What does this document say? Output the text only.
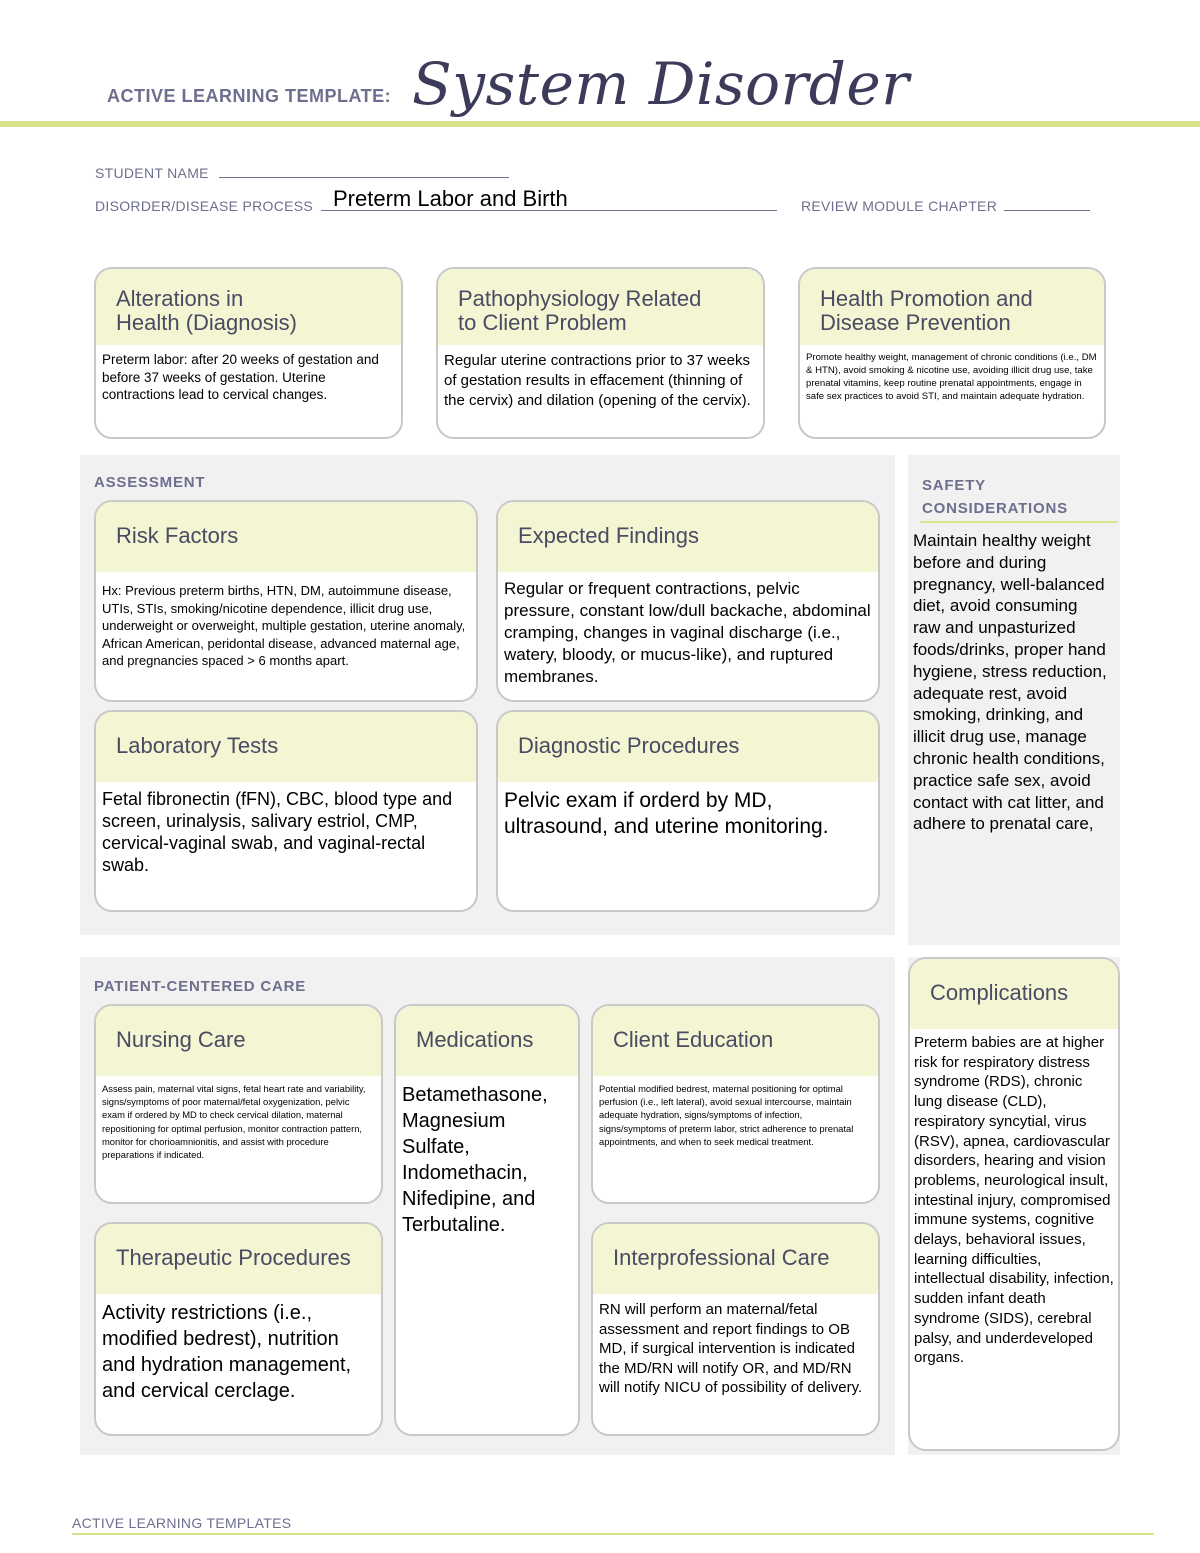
ACTIVE LEARNING TEMPLATE: System Disorder
STUDENT NAME
DISORDER/DISEASE PROCESS Preterm Labor and Birth	REVIEW MODULE CHAPTER
Alterations in
Health (Diagnosis)
Preterm labor: after 20 weeks of gestation and before 37 weeks of gestation. Uterine contractions lead to cervical changes.
Pathophysiology Related
to Client Problem
Regular uterine contractions prior to 37 weeks of gestation results in effacement (thinning of the cervix) and dilation (opening of the cervix).
Health Promotion and
Disease Prevention
Promote healthy weight, management of chronic conditions (i.e., DM & HTN), avoid smoking & nicotine use, avoiding illicit drug use, take prenatal vitamins, keep routine prenatal appointments, engage in safe sex practices to avoid STI, and maintain adequate hydration.
ASSESSMENT
Risk Factors
Hx: Previous preterm births, HTN, DM, autoimmune disease, UTIs, STIs, smoking/nicotine dependence, illicit drug use, underweight or overweight, multiple gestation, uterine anomaly, African American, peridontal disease, advanced maternal age, and pregnancies spaced > 6 months apart.
Expected Findings
Regular or frequent contractions, pelvic pressure, constant low/dull backache, abdominal cramping, changes in vaginal discharge (i.e., watery, bloody, or mucus-like), and ruptured membranes.
Laboratory Tests
Fetal fibronectin (fFN), CBC, blood type and screen, urinalysis, salivary estriol, CMP, cervical-vaginal swab, and vaginal-rectal swab.
Diagnostic Procedures
Pelvic exam if orderd by MD, ultrasound, and uterine monitoring.
SAFETY
CONSIDERATIONS
Maintain healthy weight before and during pregnancy, well-balanced diet, avoid consuming raw and unpasturized foods/drinks, proper hand hygiene, stress reduction, adequate rest, avoid smoking, drinking, and illicit drug use, manage chronic health conditions, practice safe sex, avoid contact with cat litter, and adhere to prenatal care,
PATIENT-CENTERED CARE
Nursing Care
Assess pain, maternal vital signs, fetal heart rate and variability, signs/symptoms of poor maternal/fetal oxygenization, pelvic exam if ordered by MD to check cervical dilation, maternal repositioning for optimal perfusion, monitor contraction pattern, monitor for chorioamnionitis, and assist with procedure preparations if indicated.
Medications
Betamethasone, Magnesium Sulfate, Indomethacin, Nifedipine, and Terbutaline.
Client Education
Potential modified bedrest, maternal positioning for optimal perfusion (i.e., left lateral), avoid sexual intercourse, maintain adequate hydration, signs/symptoms of infection, signs/symptoms of preterm labor, strict adherence to prenatal appointments, and when to seek medical treatment.
Therapeutic Procedures
Activity restrictions (i.e., modified bedrest), nutrition and hydration management, and cervical cerclage.
Interprofessional Care
RN will perform an maternal/fetal assessment and report findings to OB MD, if surgical intervention is indicated the MD/RN will notify OR, and MD/RN will notify NICU of possibility of delivery.
Complications
Preterm babies are at higher risk for respiratory distress syndrome (RDS), chronic lung disease (CLD), respiratory syncytial, virus (RSV), apnea, cardiovascular disorders, hearing and vision problems, neurological insult, intestinal injury, compromised immune systems, cognitive delays, behavioral issues, learning difficulties, intellectual disability, infection, sudden infant death syndrome (SIDS), cerebral palsy, and underdeveloped organs.
ACTIVE LEARNING TEMPLATES
